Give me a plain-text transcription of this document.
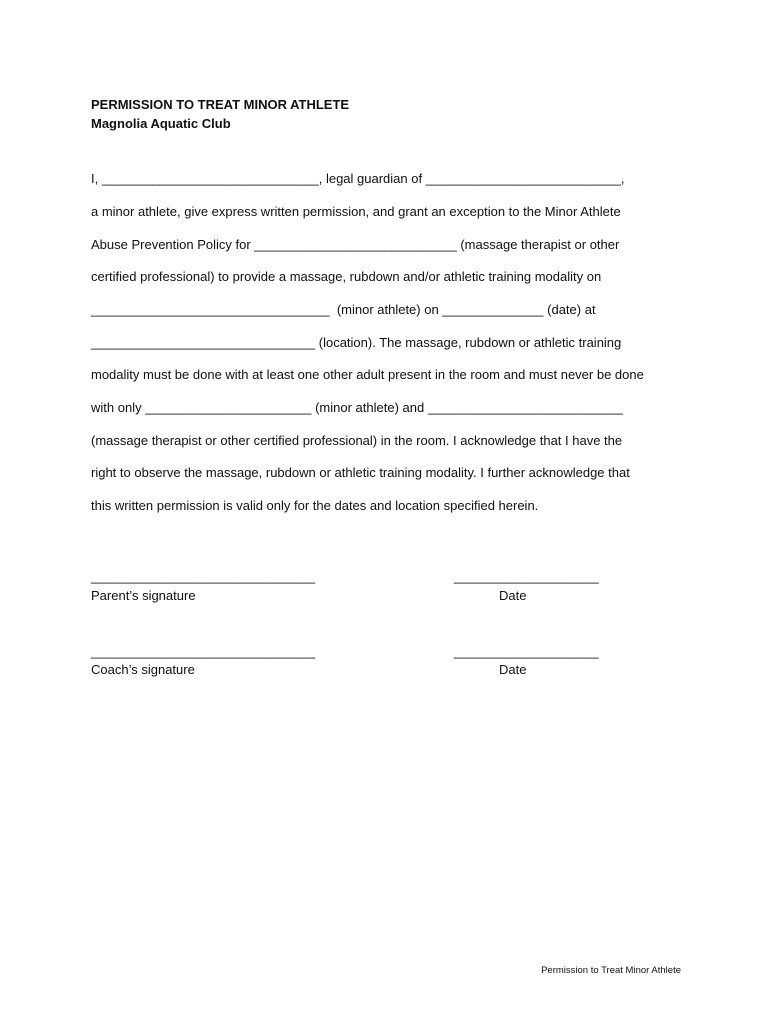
PERMISSION TO TREAT MINOR ATHLETE
Magnolia Aquatic Club
I, ______________________________, legal guardian of ___________________________,
a minor athlete, give express written permission, and grant an exception to the Minor Athlete
Abuse Prevention Policy for ____________________________ (massage therapist or other
certified professional) to provide a massage, rubdown and/or athletic training modality on
_________________________________  (minor athlete) on ______________ (date) at
_______________________________ (location). The massage, rubdown or athletic training
modality must be done with at least one other adult present in the room and must never be done
with only _______________________ (minor athlete) and ___________________________
(massage therapist or other certified professional) in the room. I acknowledge that I have the
right to observe the massage, rubdown or athletic training modality. I further acknowledge that
this written permission is valid only for the dates and location specified herein.
_______________________________	____________________
Parent’s signature	Date
_______________________________	____________________
Coach’s signature	Date
Permission to Treat Minor Athlete
